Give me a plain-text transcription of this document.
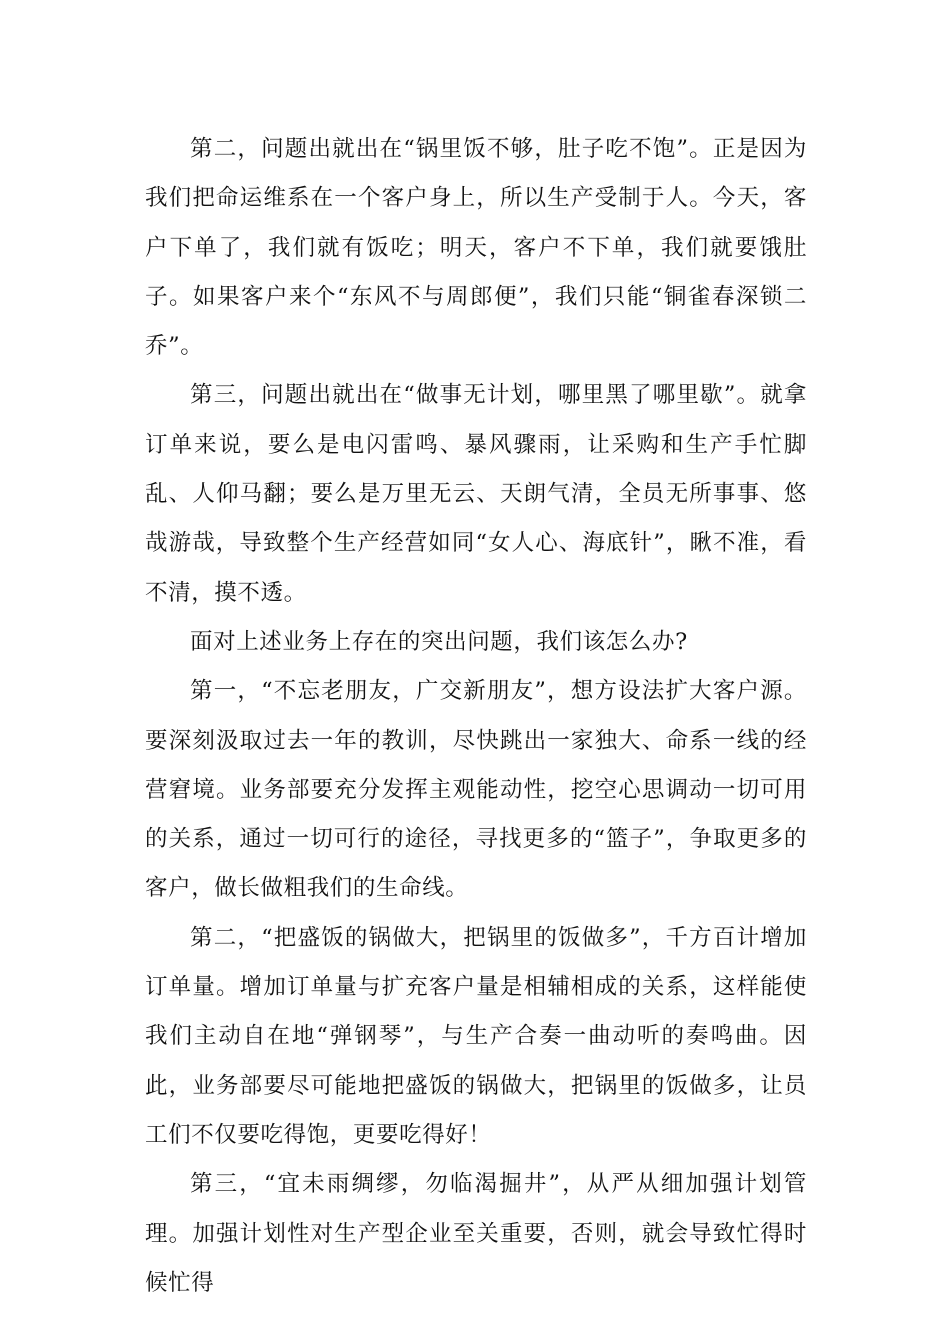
第二，问题出就出在“锅里饭不够，肚子吃不饱”。正是因为我们把命运维系在一个客户身上，所以生产受制于人。今天，客户下单了，我们就有饭吃；明天，客户不下单，我们就要饿肚子。如果客户来个“东风不与周郎便”，我们只能“铜雀春深锁二乔”。

第三，问题出就出在“做事无计划，哪里黑了哪里歇”。就拿订单来说，要么是电闪雷鸣、暴风骤雨，让采购和生产手忙脚乱、人仰马翻；要么是万里无云、天朗气清，全员无所事事、悠哉游哉，导致整个生产经营如同“女人心、海底针”，瞅不准，看不清，摸不透。

面对上述业务上存在的突出问题，我们该怎么办?

第一，“不忘老朋友，广交新朋友”，想方设法扩大客户源。要深刻汲取过去一年的教训，尽快跳出一家独大、命系一线的经营窘境。业务部要充分发挥主观能动性，挖空心思调动一切可用的关系，通过一切可行的途径，寻找更多的“篮子”，争取更多的客户，做长做粗我们的生命线。

第二，“把盛饭的锅做大，把锅里的饭做多”，千方百计增加订单量。增加订单量与扩充客户量是相辅相成的关系，这样能使我们主动自在地“弹钢琴”，与生产合奏一曲动听的奏鸣曲。因此，业务部要尽可能地把盛饭的锅做大，把锅里的饭做多，让员工们不仅要吃得饱，更要吃得好！

第三，“宜未雨绸缪，勿临渴掘井”，从严从细加强计划管理。加强计划性对生产型企业至关重要，否则，就会导致忙得时候忙得
